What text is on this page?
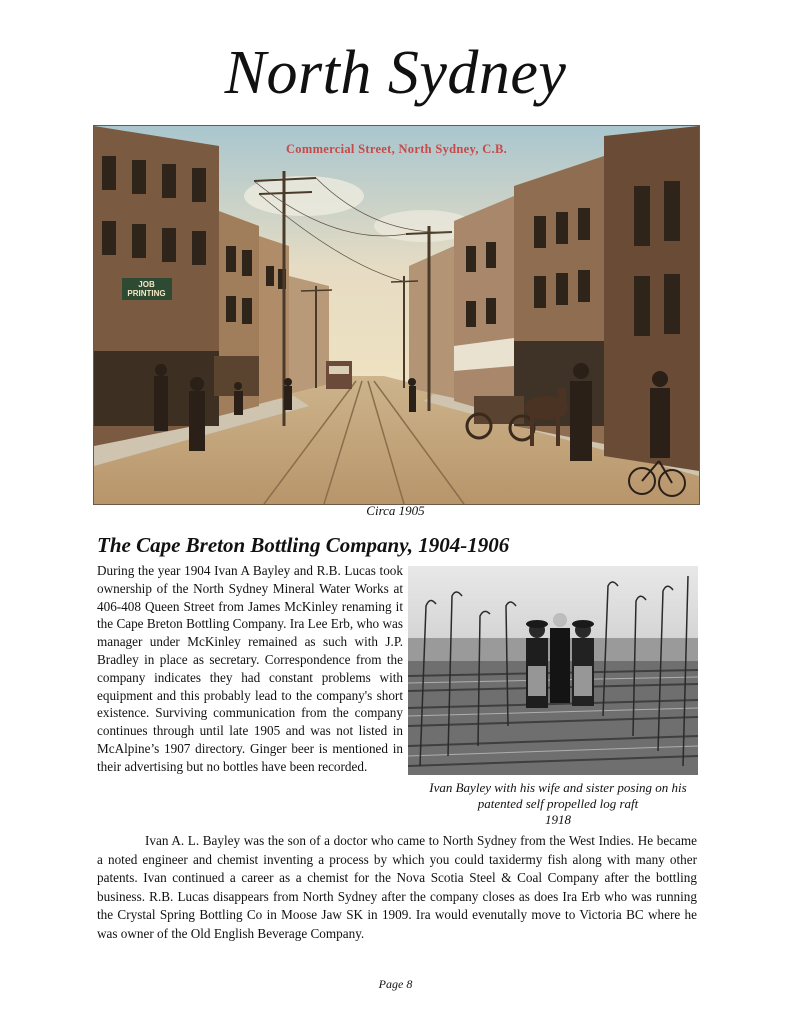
North Sydney
Commercial Street, North Sydney, C.B.
JOB PRINTING
Circa 1905
The Cape Breton Bottling Company, 1904-1906

During the year 1904 Ivan A Bayley and R.B. Lucas took ownership of the North Sydney Mineral Water Works at 406-408 Queen Street from James McKinley renaming it the Cape Breton Bottling Company. Ira Lee Erb, who was manager under McKinley remained as such with J.P. Bradley in place as secretary. Correspondence from the company indicates they had constant problems with equipment and this probably lead to the company's short existence. Surviving communication from the company continues through until late 1905 and was not listed in McAlpine’s 1907 directory. Ginger beer is mentioned in their advertising but no bottles have been recorded.

Ivan Bayley with his wife and sister posing on his
patented self propelled log raft
1918

Ivan A. L. Bayley was the son of a doctor who came to North Sydney from the West Indies. He became a noted engineer and chemist inventing a process by which you could taxidermy fish along with many other patents. Ivan continued a career as a chemist for the Nova Scotia Steel & Coal Company after the bottling business. R.B. Lucas disappears from North Sydney after the company closes as does Ira Erb who was running the Crystal Spring Bottling Co in Moose Jaw SK in 1909. Ira would evenutally move to Victoria BC where he was owner of the Old English Beverage Company.

Page 8
